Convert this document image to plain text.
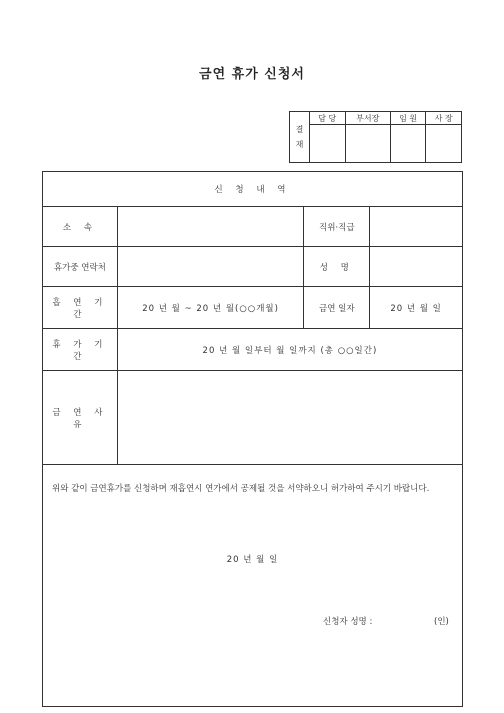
금연 휴가 신청서
결
재	담 당	부서장	임 원	사 장

신 청 내 역			
소 속		직위·직급	
휴가중 연락처		성 명	
흡 연 기 간	20 년 월 ~ 20 년 월(○○개월)	금연 일자	20 년 월 일
휴 가 기 간	20 년 월 일부터 월 일까지 (총 ○○일간)		
금 연 사 유			

위와 같이 금연휴가를 신청하며 재흡연시 연가에서 공제될 것을 서약하오니 허가하여 주시기 바랍니다.
20 년 월 일
신청자 성명 : (인)			
